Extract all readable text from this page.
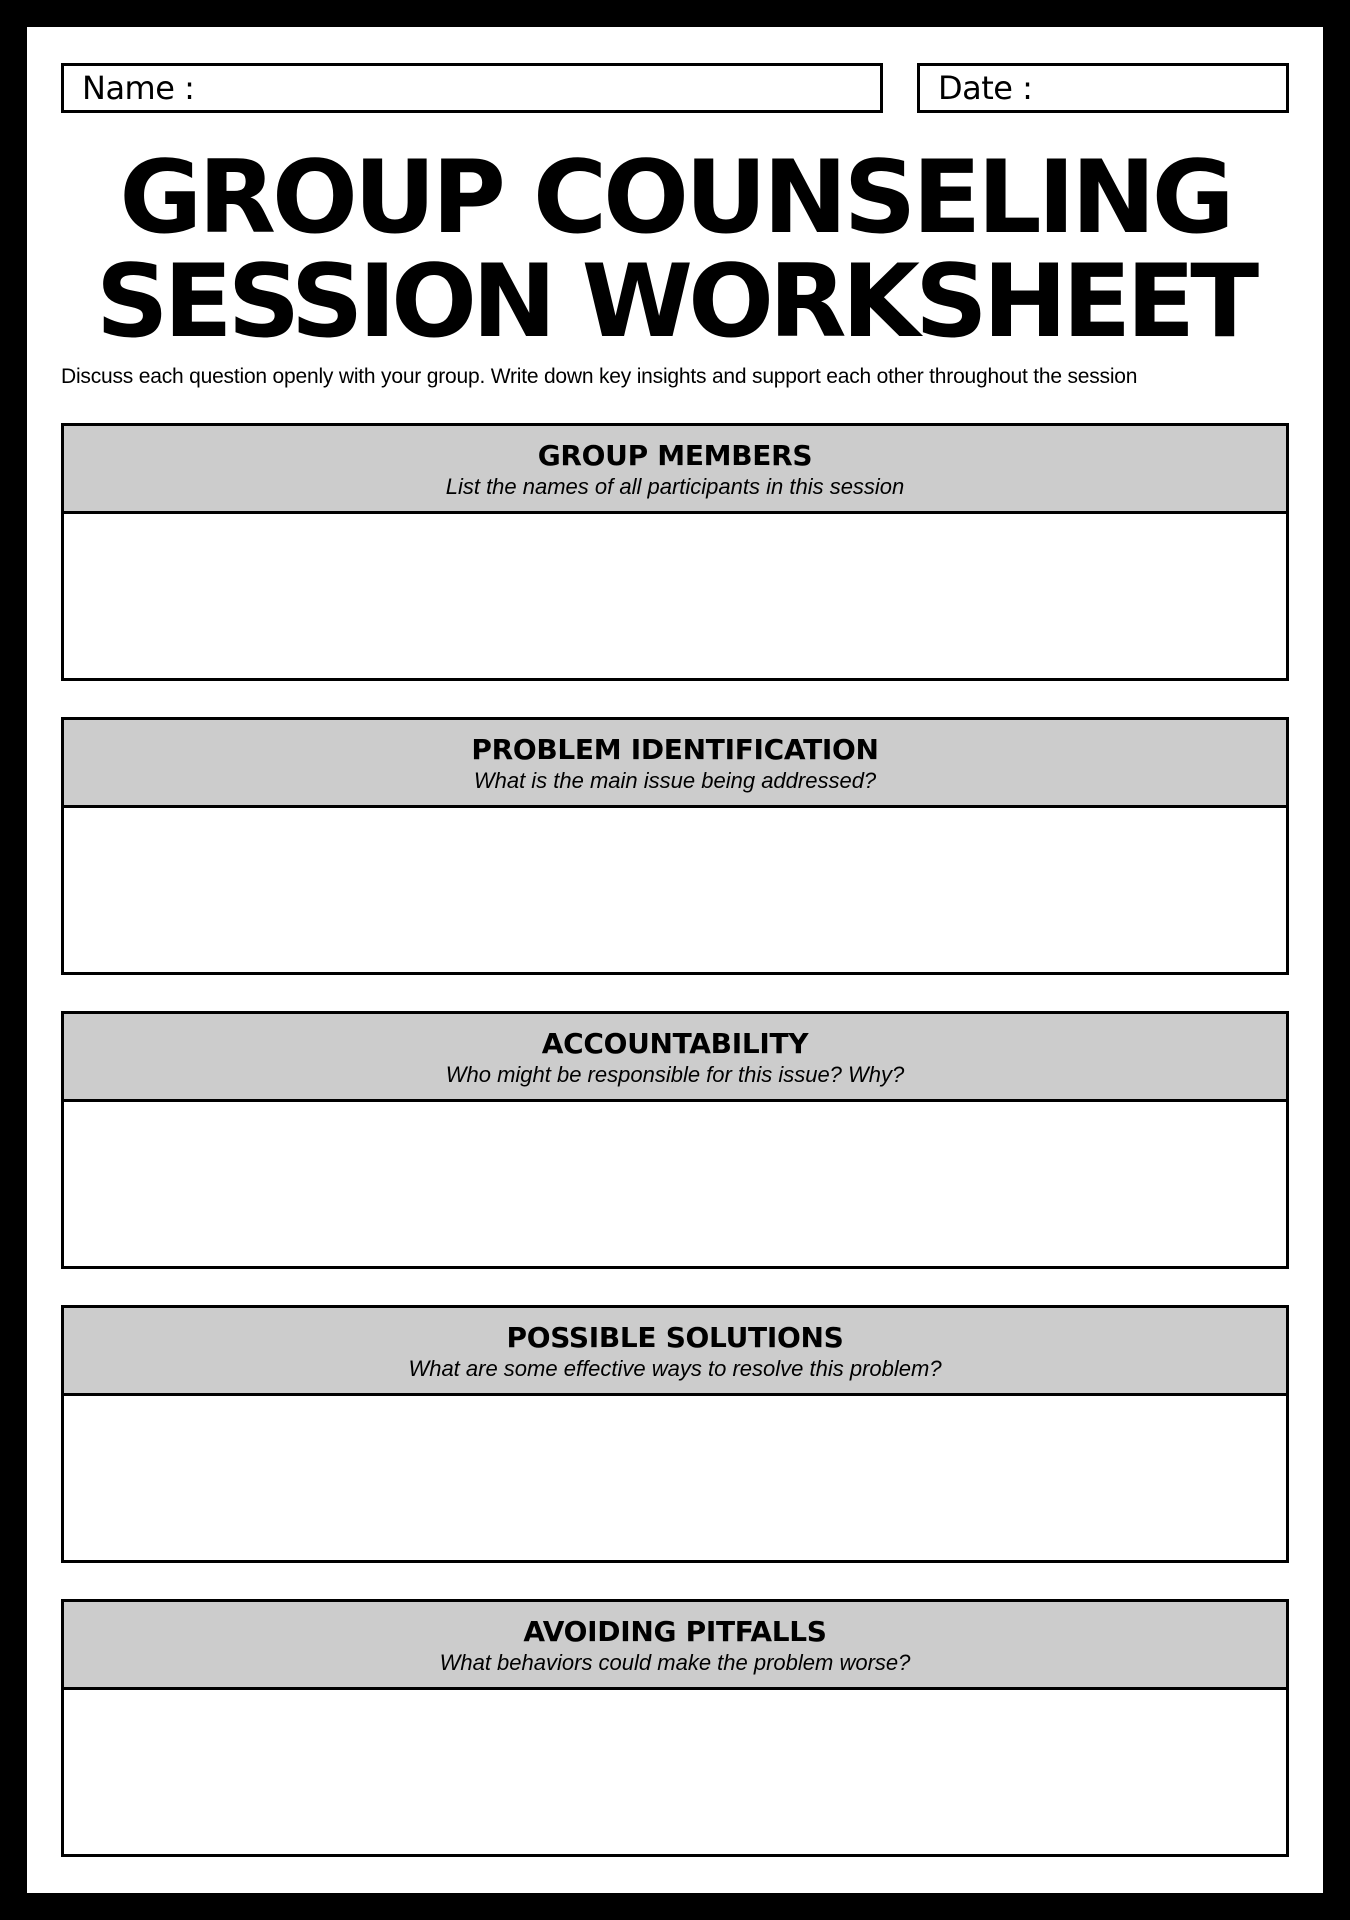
Name :	Date :
GROUP COUNSELING
SESSION WORKSHEET

Discuss each question openly with your group. Write down key insights and support each other throughout the session

GROUP MEMBERS
List the names of all participants in this session
PROBLEM IDENTIFICATION
What is the main issue being addressed?
ACCOUNTABILITY
Who might be responsible for this issue? Why?
POSSIBLE SOLUTIONS
What are some effective ways to resolve this problem?
AVOIDING PITFALLS
What behaviors could make the problem worse?
